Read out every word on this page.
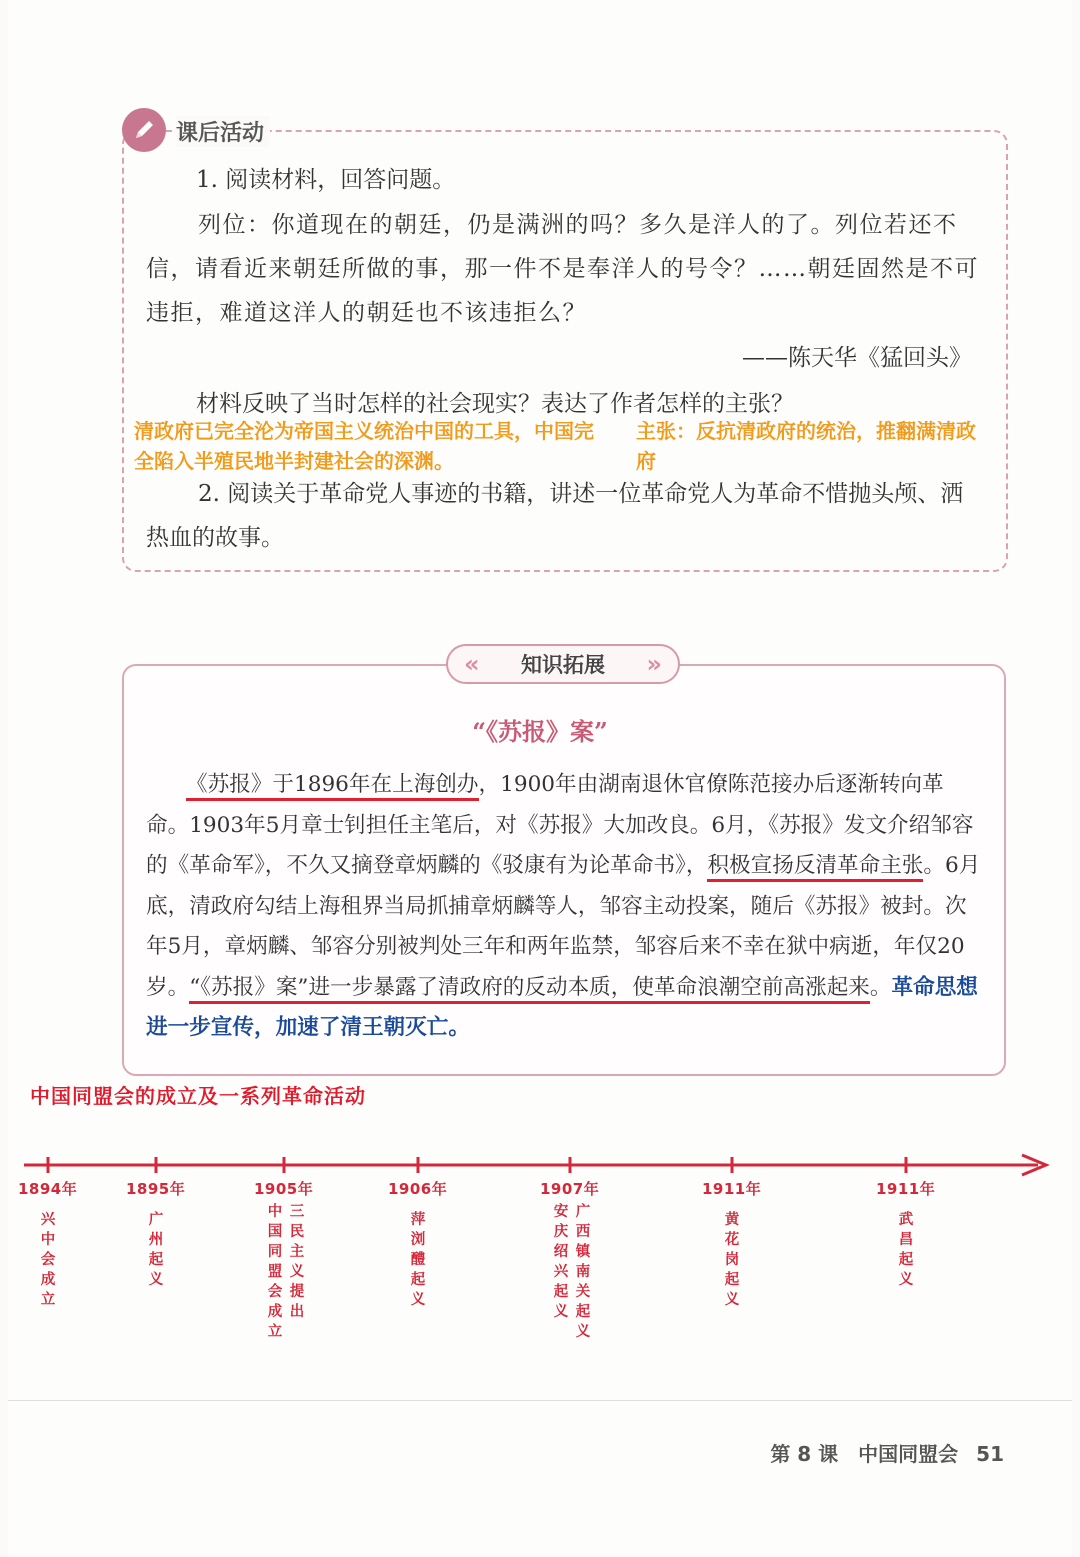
课后活动
1. 阅读材料，回答问题。

列位：你道现在的朝廷，仍是满洲的吗？多久是洋人的了。列位若还不信，请看近来朝廷所做的事，那一件不是奉洋人的号令？……朝廷固然是不可违拒，难道这洋人的朝廷也不该违拒么？

——陈天华《猛回头》
材料反映了当时怎样的社会现实？表达了作者怎样的主张？
清政府已完全沦为帝国主义统治中国的工具，中国完全陷入半殖民地半封建社会的深渊。
主张：反抗清政府的统治，推翻满清政府

2. 阅读关于革命党人事迹的书籍，讲述一位革命党人为革命不惜抛头颅、洒热血的故事。

« 知识拓展 »
“《苏报》案”

《苏报》于1896年在上海创办，1900年由湖南退休官僚陈范接办后逐渐转向革命。1903年5月章士钊担任主笔后，对《苏报》大加改良。6月，《苏报》发文介绍邹容的《革命军》，不久又摘登章炳麟的《驳康有为论革命书》，积极宣扬反清革命主张。6月底，清政府勾结上海租界当局抓捕章炳麟等人，邹容主动投案，随后《苏报》被封。次年5月，章炳麟、邹容分别被判处三年和两年监禁，邹容后来不幸在狱中病逝，年仅20岁。“《苏报》案”进一步暴露了清政府的反动本质，使革命浪潮空前高涨起来。革命思想进一步宣传，加速了清王朝灭亡。

中国同盟会的成立及一系列革命活动
1894年
兴中会成立
1895年
广州起义
1905年
中国同盟会成立
三民主义提出
1906年
萍浏醴起义
1907年
安庆绍兴起义
广西镇南关起义
1911年
黄花岗起义
1911年
武昌起义
第 8 课　中国同盟会 51
